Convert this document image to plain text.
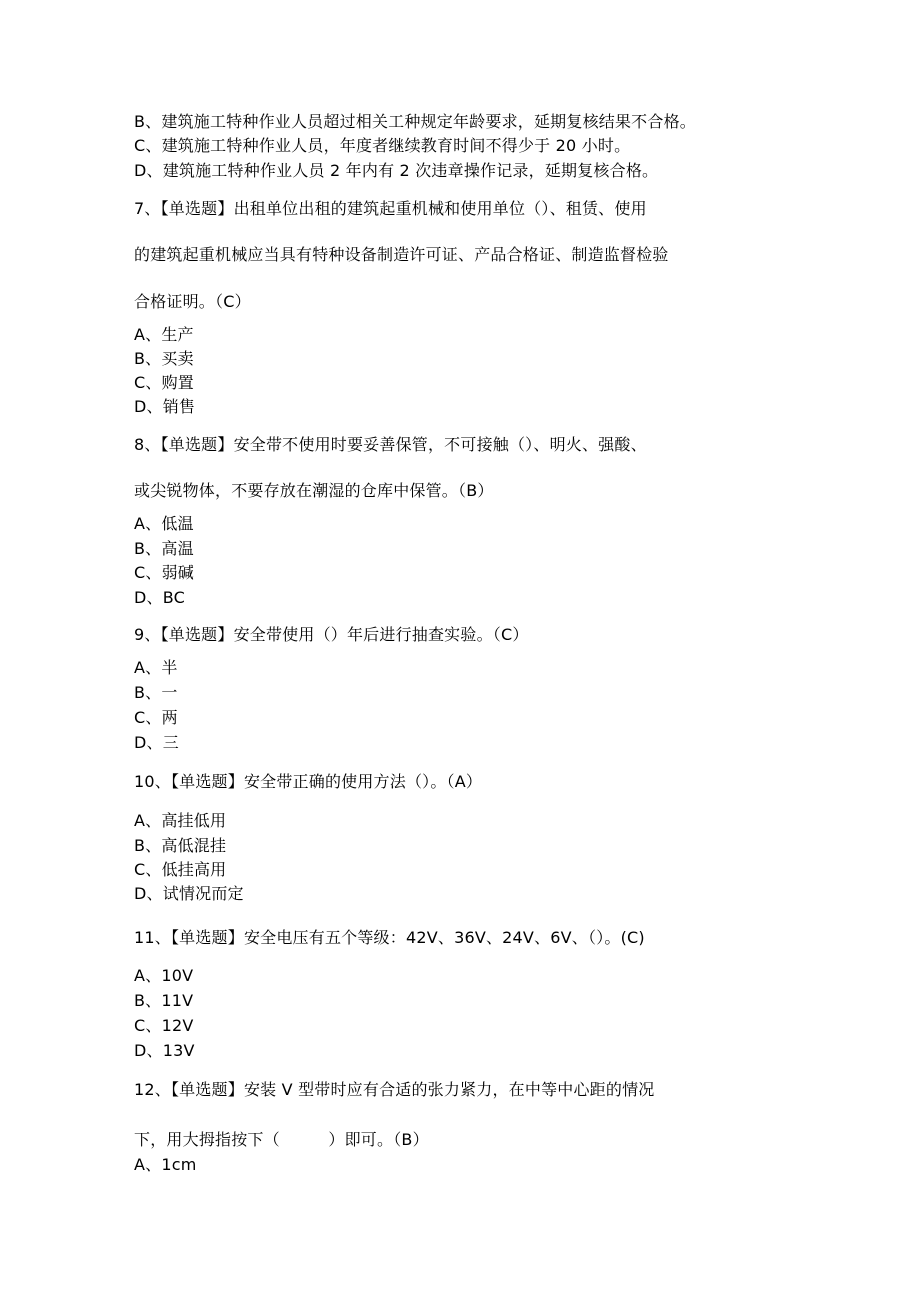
B、建筑施工特种作业人员超过相关工种规定年龄要求，延期复核结果不合格。
C、建筑施工特种作业人员，年度者继续教育时间不得少于 20 小时。
D、建筑施工特种作业人员 2 年内有 2 次违章操作记录，延期复核合格。
7、【单选题】出租单位出租的建筑起重机械和使用单位（）、租赁、使用
的建筑起重机械应当具有特种设备制造许可证、产品合格证、制造监督检验
合格证明。（C）
A、生产
B、买卖
C、购置
D、销售
8、【单选题】安全带不使用时要妥善保管，不可接触（）、明火、强酸、
或尖锐物体，不要存放在潮湿的仓库中保管。（B）
A、低温
B、高温
C、弱碱
D、BC
9、【单选题】安全带使用（）年后进行抽查实验。（C）
A、半
B、一
C、两
D、三
10、【单选题】安全带正确的使用方法（）。（A）
A、高挂低用
B、高低混挂
C、低挂高用
D、试情况而定
11、【单选题】安全电压有五个等级：42V、36V、24V、6V、（）。(C)
A、10V
B、11V
C、12V
D、13V
12、【单选题】安装 V 型带时应有合适的张力紧力，在中等中心距的情况
下，用大拇指按下（　　　）即可。（B）
A、1cm
